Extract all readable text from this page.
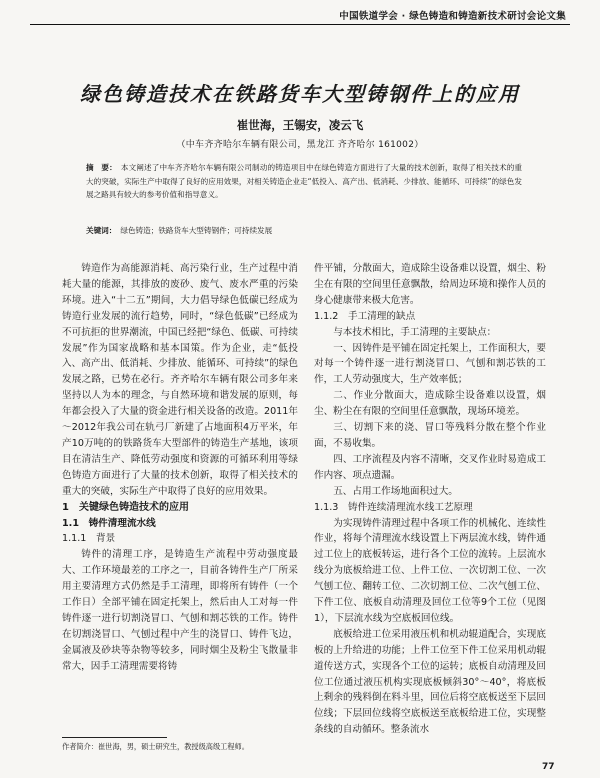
中国铁道学会 · 绿色铸造和铸造新技术研讨会论文集
绿色铸造技术在铁路货车大型铸钢件上的应用
崔世海，王锡安，凌云飞
（中车齐齐哈尔车辆有限公司，黑龙江 齐齐哈尔 161002）
摘　要： 本文阐述了中车齐齐哈尔车辆有限公司制动的铸造项目中在绿色铸造方面进行了大量的技术创新，取得了相关技术的重大的突破，实际生产中取得了良好的应用效果，对相关铸造企业走“低投入、高产出、低消耗、少排放、能循环、可持续”的绿色发展之路具有较大的参考价值和指导意义。
关键词： 绿色铸造；铁路货车大型铸钢件；可持续发展

铸造作为高能源消耗、高污染行业，生产过程中消耗大量的能源，其排放的废砂、废气、废水严重的污染环境。进入“十二五”期间，大力倡导绿色低碳已经成为铸造行业发展的流行趋势，同时，“绿色低碳”已经成为不可抗拒的世界潮流，中国已经把“绿色、低碳、可持续发展”作为国家战略和基本国策。作为企业，走“低投入、高产出、低消耗、少排放、能循环、可持续”的绿色发展之路，已势在必行。齐齐哈尔车辆有限公司多年来坚持以人为本的理念，与自然环境和谐发展的原则，每年都会投入了大量的资金进行相关设备的改造。2011年～2012年我公司在轨弓厂新建了占地面积4万平米，年产10万吨的的铁路货车大型部件的铸造生产基地，该项目在清洁生产、降低劳动强度和资源的可循环利用等绿色铸造方面进行了大量的技术创新，取得了相关技术的重大的突破，实际生产中取得了良好的应用效果。

1　关键绿色铸造技术的应用

1.1　铸件清理流水线

1.1.1　背景

铸件的清理工序，是铸造生产流程中劳动强度最大、工作环境最差的工序之一，目前各铸件生产厂所采用主要清理方式仍然是手工清理，即将所有铸件（一个工作日）全部平铺在固定托架上，然后由人工对每一件铸件逐一进行切割浇冒口、气刨和割芯铁的工作。铸件在切割浇冒口、气刨过程中产生的浇冒口、铸件飞边，金属液及砂块等杂物等较多，同时烟尘及粉尘飞散量非常大，因手工清理需要将铸

件平铺，分散面大，造成除尘设备难以设置，烟尘、粉尘在有限的空间里任意飘散，给周边环境和操作人员的身心健康带来极大危害。

1.1.2　手工清理的缺点

与本技术相比，手工清理的主要缺点：

一、因铸件是平铺在固定托架上，工作面积大，要对每一个铸件逐一进行割浇冒口、气刨和割芯铁的工作，工人劳动强度大，生产效率低；

二、作业分散面大，造成除尘设备难以设置，烟尘、粉尘在有限的空间里任意飘散，现场环境差。

三、切割下来的浇、冒口等残料分散在整个作业面，不易收集。

四、工序流程及内容不清晰，交叉作业时易造成工作内容、项点遗漏。

五、占用工作场地面积过大。

1.1.3　铸件连续清理流水线工艺原理

为实现铸件清理过程中各项工作的机械化、连续性作业，将每个清理流水线设置上下两层流水线，铸件通过工位上的底板转运，进行各个工位的流转。上层流水线分为底板给进工位、上件工位、一次切割工位、一次气刨工位、翻转工位、二次切割工位、二次气刨工位、下件工位、底板自动清理及回位工位等9个工位（见图1），下层流水线为空底板回位线。

底板给进工位采用液压机和机动辊道配合，实现底板的上升给进的功能；上件工位至下件工位采用机动辊道传送方式，实现各个工位的运转；底板自动清理及回位工位通过液压机构实现底板倾斜30°～40°，将底板上剩余的残料倒在料斗里，回位后将空底板送至下层回位线；下层回位线将空底板送至底板给进工位，实现整条线的自动循环。整条流水

作者简介：崔世海，男，硕士研究生，教授级高级工程师。
77
